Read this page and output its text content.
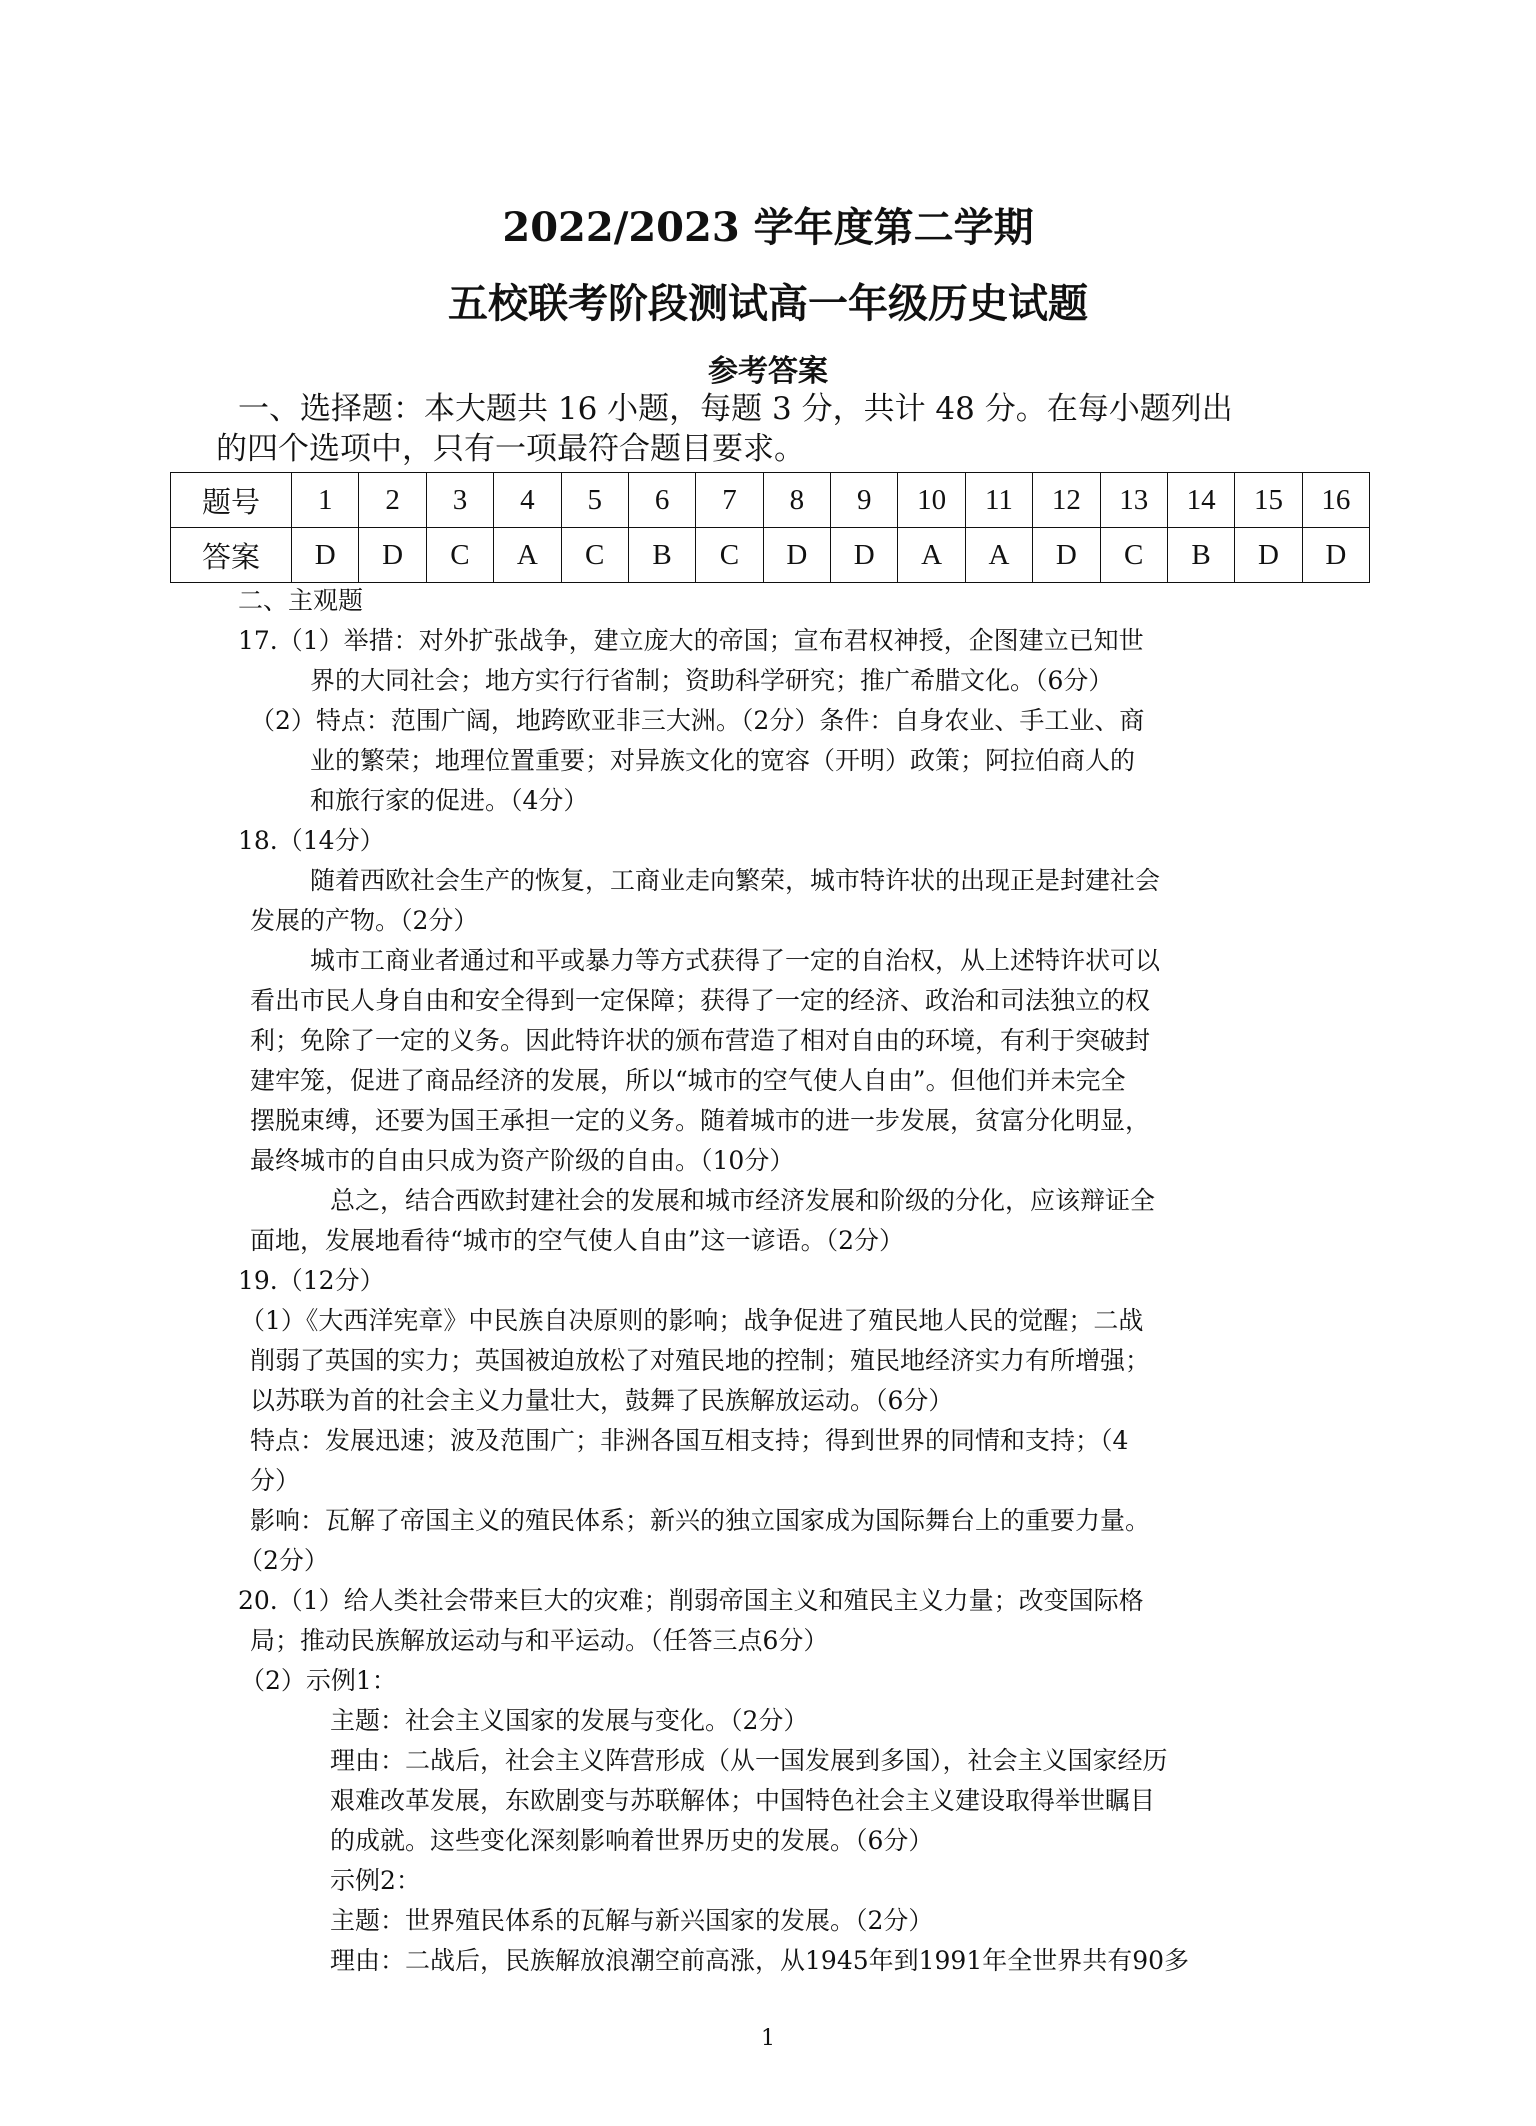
2022/2023 学年度第二学期
五校联考阶段测试高一年级历史试题
参考答案
一、选择题：本大题共 16 小题，每题 3 分，共计 48 分。在每小题列出
的四个选项中，只有一项最符合题目要求。
题号	1	2	3	4	5	6	7	8	9	10	11	12	13	14	15	16
答案	D	D	C	A	C	B	C	D	D	A	A	D	C	B	D	D
二、主观题
17.（1）举措：对外扩张战争，建立庞大的帝国；宣布君权神授，企图建立已知世
界的大同社会；地方实行行省制；资助科学研究；推广希腊文化。（6分）
（2）特点：范围广阔，地跨欧亚非三大洲。（2分）条件：自身农业、手工业、商
业的繁荣；地理位置重要；对异族文化的宽容（开明）政策；阿拉伯商人的
和旅行家的促进。（4分）
18.（14分）
随着西欧社会生产的恢复，工商业走向繁荣，城市特许状的出现正是封建社会
发展的产物。（2分）
城市工商业者通过和平或暴力等方式获得了一定的自治权，从上述特许状可以
看出市民人身自由和安全得到一定保障；获得了一定的经济、政治和司法独立的权
利；免除了一定的义务。因此特许状的颁布营造了相对自由的环境，有利于突破封
建牢笼，促进了商品经济的发展，所以“城市的空气使人自由”。但他们并未完全
摆脱束缚，还要为国王承担一定的义务。随着城市的进一步发展，贫富分化明显，
最终城市的自由只成为资产阶级的自由。（10分）
总之，结合西欧封建社会的发展和城市经济发展和阶级的分化，应该辩证全
面地，发展地看待“城市的空气使人自由”这一谚语。（2分）
19.（12分）
（1）《大西洋宪章》中民族自决原则的影响；战争促进了殖民地人民的觉醒；二战
削弱了英国的实力；英国被迫放松了对殖民地的控制；殖民地经济实力有所增强；
以苏联为首的社会主义力量壮大，鼓舞了民族解放运动。（6分）
特点：发展迅速；波及范围广；非洲各国互相支持；得到世界的同情和支持；（4
分）
影响：瓦解了帝国主义的殖民体系；新兴的独立国家成为国际舞台上的重要力量。
（2分）
20.（1）给人类社会带来巨大的灾难；削弱帝国主义和殖民主义力量；改变国际格
局；推动民族解放运动与和平运动。（任答三点6分）
（2）示例1：
主题：社会主义国家的发展与变化。（2分）
理由：二战后，社会主义阵营形成（从一国发展到多国），社会主义国家经历
艰难改革发展，东欧剧变与苏联解体；中国特色社会主义建设取得举世瞩目
的成就。这些变化深刻影响着世界历史的发展。（6分）
示例2：
主题：世界殖民体系的瓦解与新兴国家的发展。（2分）
理由：二战后，民族解放浪潮空前高涨，从1945年到1991年全世界共有90多
1
